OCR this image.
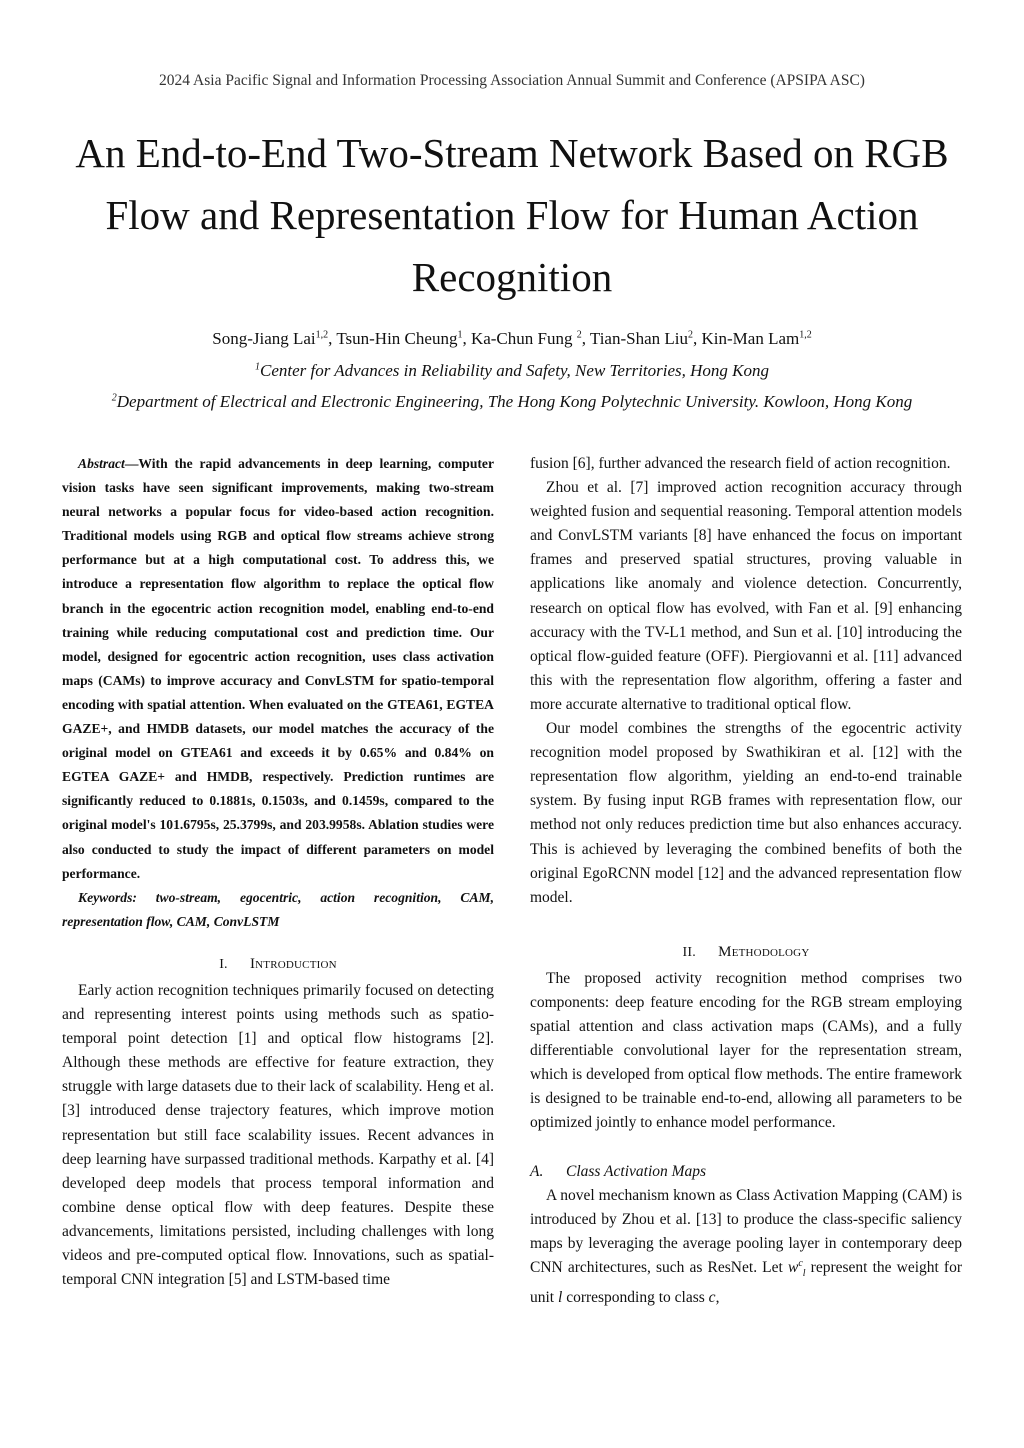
2024 Asia Pacific Signal and Information Processing Association Annual Summit and Conference (APSIPA ASC)
An End-to-End Two-Stream Network Based on RGB Flow and Representation Flow for Human Action Recognition
Song-Jiang Lai$^{1,2}$, Tsun-Hin Cheung$^1$, Ka-Chun Fung $^2$, Tian-Shan Liu$^2$, Kin-Man Lam$^{1,2}$
$^1$Center for Advances in Reliability and Safety, New Territories, Hong Kong
$^2$Department of Electrical and Electronic Engineering, The Hong Kong Polytechnic University. Kowloon, Hong Kong

Abstract—With the rapid advancements in deep learning, computer vision tasks have seen significant improvements, making two-stream neural networks a popular focus for video-based action recognition. Traditional models using RGB and optical flow streams achieve strong performance but at a high computational cost. To address this, we introduce a representation flow algorithm to replace the optical flow branch in the egocentric action recognition model, enabling end-to-end training while reducing computational cost and prediction time. Our model, designed for egocentric action recognition, uses class activation maps (CAMs) to improve accuracy and ConvLSTM for spatio-temporal encoding with spatial attention. When evaluated on the GTEA61, EGTEA GAZE+, and HMDB datasets, our model matches the accuracy of the original model on GTEA61 and exceeds it by 0.65% and 0.84% on EGTEA GAZE+ and HMDB, respectively. Prediction runtimes are significantly reduced to 0.1881s, 0.1503s, and 0.1459s, compared to the original model's 101.6795s, 25.3799s, and 203.9958s. Ablation studies were also conducted to study the impact of different parameters on model performance.

Keywords: two-stream, egocentric, action recognition, CAM, representation flow, CAM, ConvLSTM

I. Introduction

Early action recognition techniques primarily focused on detecting and representing interest points using methods such as spatio-temporal point detection [1] and optical flow histograms [2]. Although these methods are effective for feature extraction, they struggle with large datasets due to their lack of scalability. Heng et al. [3] introduced dense trajectory features, which improve motion representation but still face scalability issues. Recent advances in deep learning have surpassed traditional methods. Karpathy et al. [4] developed deep models that process temporal information and combine dense optical flow with deep features. Despite these advancements, limitations persisted, including challenges with long videos and pre-computed optical flow. Innovations, such as spatial-temporal CNN integration [5] and LSTM-based time

fusion [6], further advanced the research field of action recognition.

Zhou et al. [7] improved action recognition accuracy through weighted fusion and sequential reasoning. Temporal attention models and ConvLSTM variants [8] have enhanced the focus on important frames and preserved spatial structures, proving valuable in applications like anomaly and violence detection. Concurrently, research on optical flow has evolved, with Fan et al. [9] enhancing accuracy with the TV-L1 method, and Sun et al. [10] introducing the optical flow-guided feature (OFF). Piergiovanni et al. [11] advanced this with the representation flow algorithm, offering a faster and more accurate alternative to traditional optical flow.

Our model combines the strengths of the egocentric activity recognition model proposed by Swathikiran et al. [12] with the representation flow algorithm, yielding an end-to-end trainable system. By fusing input RGB frames with representation flow, our method not only reduces prediction time but also enhances accuracy. This is achieved by leveraging the combined benefits of both the original EgoRCNN model [12] and the advanced representation flow model.

II. Methodology

The proposed activity recognition method comprises two components: deep feature encoding for the RGB stream employing spatial attention and class activation maps (CAMs), and a fully differentiable convolutional layer for the representation stream, which is developed from optical flow methods. The entire framework is designed to be trainable end-to-end, allowing all parameters to be optimized jointly to enhance model performance.

A. Class Activation Maps

A novel mechanism known as Class Activation Mapping (CAM) is introduced by Zhou et al. [13] to produce the class-specific saliency maps by leveraging the average pooling layer in contemporary deep CNN architectures, such as ResNet. Let $w^c_l$ represent the weight for unit l corresponding to class c,
